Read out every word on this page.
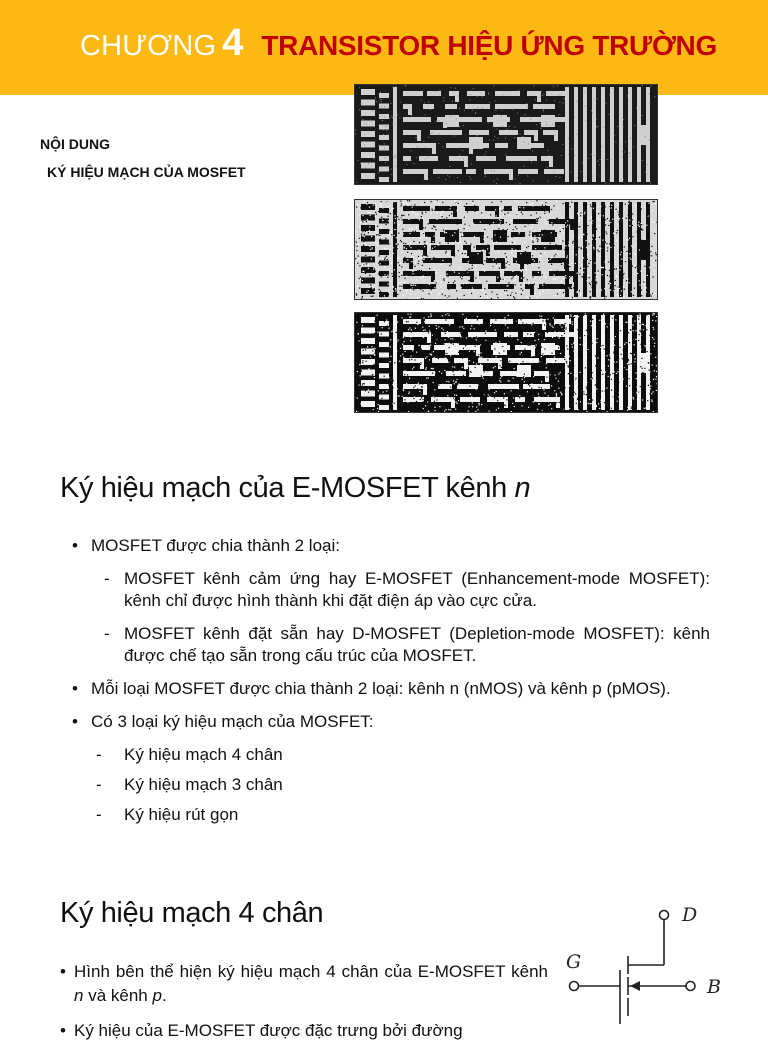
CHƯƠNG 4 TRANSISTOR HIỆU ỨNG TRƯỜNG
NỘI DUNG
KÝ HIỆU MẠCH CỦA MOSFET
Ký hiệu mạch của E-MOSFET kênh n
• MOSFET được chia thành 2 loại:
- MOSFET kênh cảm ứng hay E-MOSFET (Enhancement-mode MOSFET): kênh chỉ được hình thành khi đặt điện áp vào cực cửa.
- MOSFET kênh đặt sẵn hay D-MOSFET (Depletion-mode MOSFET): kênh được chế tạo sẵn trong cấu trúc của MOSFET.
• Mỗi loại MOSFET được chia thành 2 loại: kênh n (nMOS) và kênh p (pMOS).
• Có 3 loại ký hiệu mạch của MOSFET:
- Ký hiệu mạch 4 chân
- Ký hiệu mạch 3 chân
- Ký hiệu rút gọn
Ký hiệu mạch 4 chân
• Hình bên thể hiện ký hiệu mạch 4 chân của E-MOSFET kênh n và kênh p.
• Ký hiệu của E-MOSFET được đặc trưng bởi đường
D
G
B
